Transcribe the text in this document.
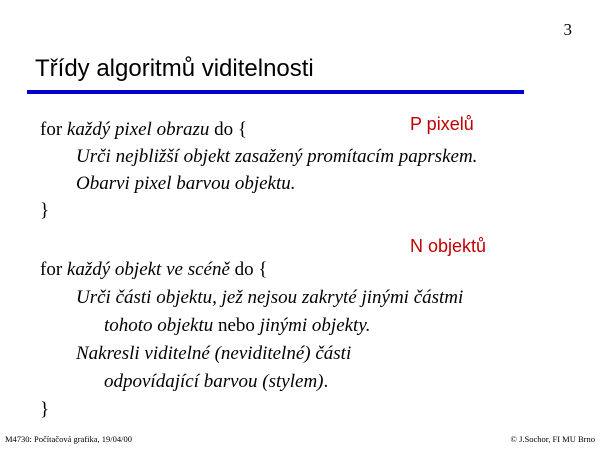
3
Třídy algoritmů viditelnosti
P pixelů
N objektů
for každý pixel obrazu do {
Urči nejbližší objekt zasažený promítacím paprskem.
Obarvi pixel barvou objektu.
}
for každý objekt ve scéně do {
Urči části objektu, jež nejsou zakryté jinými částmi
tohoto objektu nebo jinými objekty.
Nakresli viditelné (neviditelné) části
odpovídající barvou (stylem).
}
M4730: Počítačová grafika, 19/04/00	© J.Sochor, FI MU Brno
